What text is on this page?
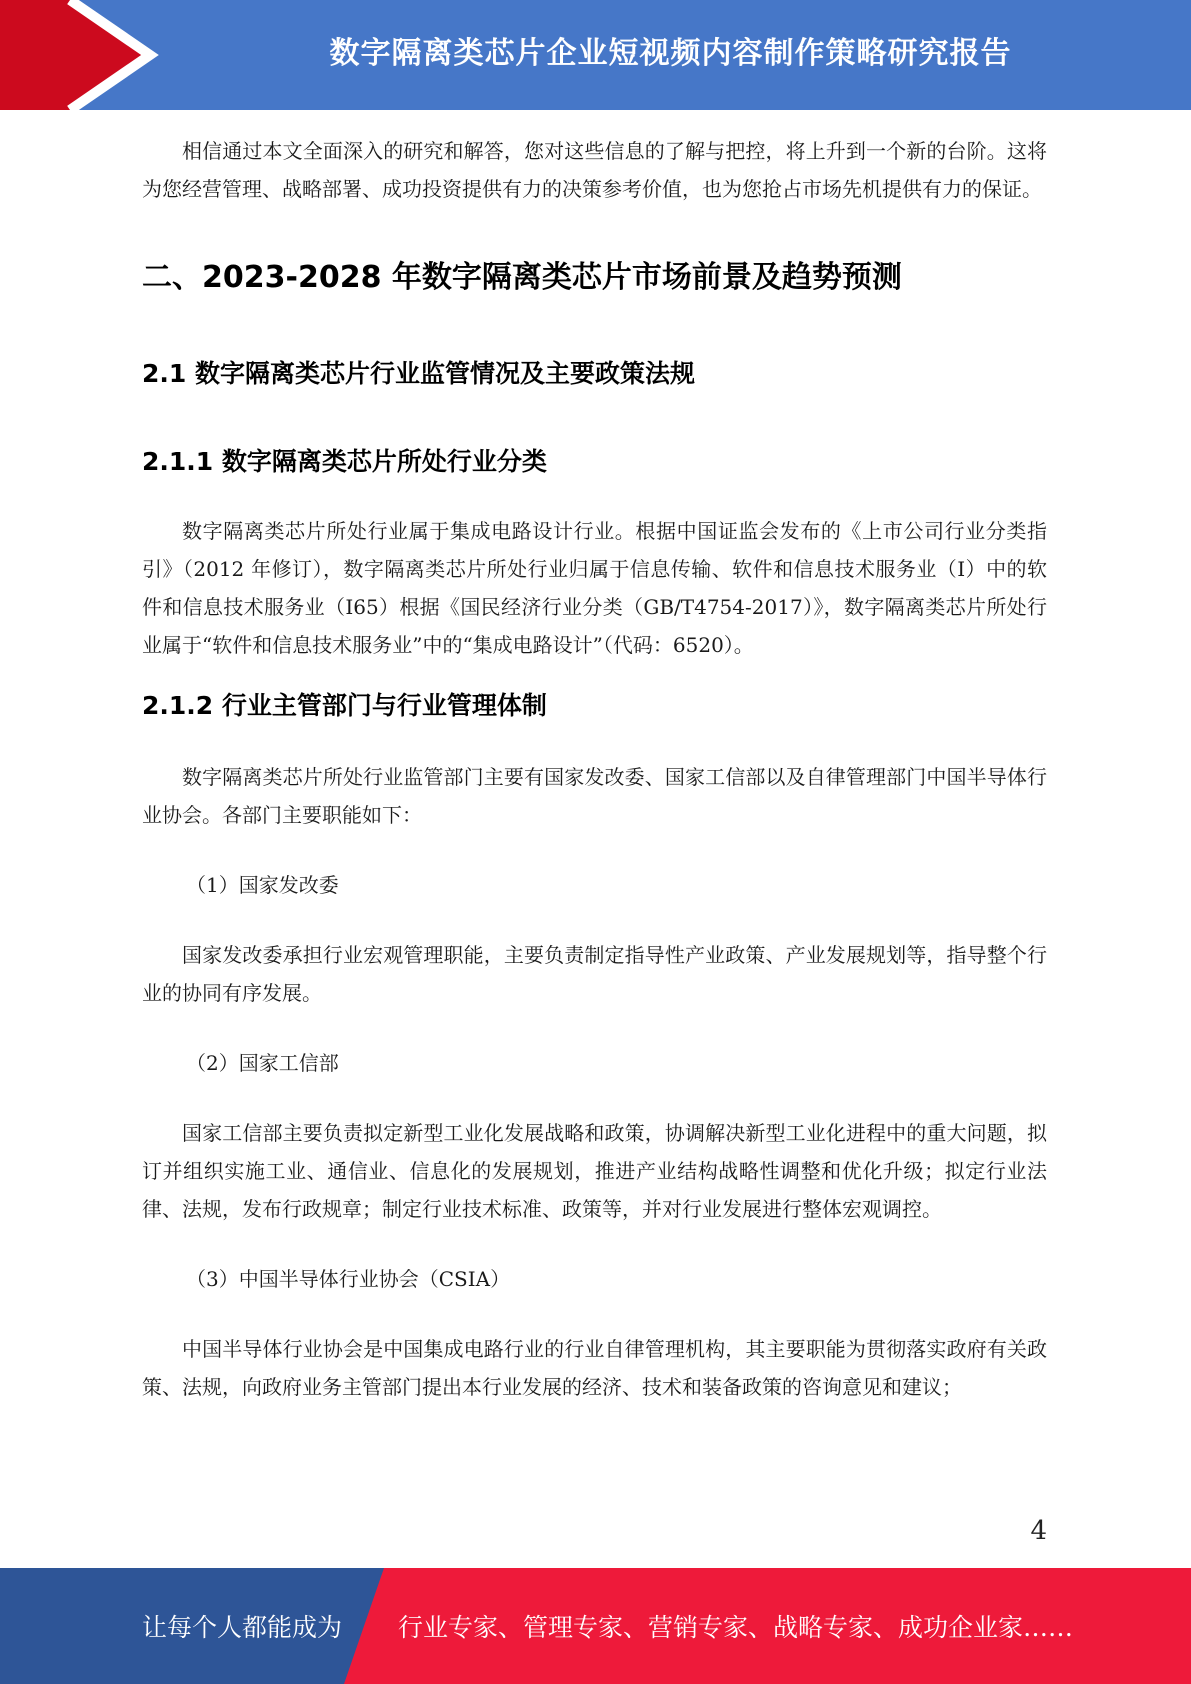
数字隔离类芯片企业短视频内容制作策略研究报告

相信通过本文全面深入的研究和解答，您对这些信息的了解与把控，将上升到一个新的台阶。这将为您经营管理、战略部署、成功投资提供有力的决策参考价值，也为您抢占市场先机提供有力的保证。

二、2023-2028 年数字隔离类芯片市场前景及趋势预测
2.1 数字隔离类芯片行业监管情况及主要政策法规
2.1.1 数字隔离类芯片所处行业分类

数字隔离类芯片所处行业属于集成电路设计行业。根据中国证监会发布的《上市公司行业分类指引》（2012 年修订），数字隔离类芯片所处行业归属于信息传输、软件和信息技术服务业（I）中的软件和信息技术服务业（I65）根据《国民经济行业分类（GB/T4754-2017）》，数字隔离类芯片所处行业属于“软件和信息技术服务业”中的“集成电路设计”（代码：6520）。

2.1.2 行业主管部门与行业管理体制

数字隔离类芯片所处行业监管部门主要有国家发改委、国家工信部以及自律管理部门中国半导体行业协会。各部门主要职能如下：

（1）国家发改委

国家发改委承担行业宏观管理职能，主要负责制定指导性产业政策、产业发展规划等，指导整个行业的协同有序发展。

（2）国家工信部

国家工信部主要负责拟定新型工业化发展战略和政策，协调解决新型工业化进程中的重大问题，拟订并组织实施工业、通信业、信息化的发展规划，推进产业结构战略性调整和优化升级；拟定行业法律、法规，发布行政规章；制定行业技术标准、政策等，并对行业发展进行整体宏观调控。

（3）中国半导体行业协会（CSIA）

中国半导体行业协会是中国集成电路行业的行业自律管理机构，其主要职能为贯彻落实政府有关政策、法规，向政府业务主管部门提出本行业发展的经济、技术和装备政策的咨询意见和建议；

4
让每个人都能成为 行业专家、管理专家、营销专家、战略专家、成功企业家……
